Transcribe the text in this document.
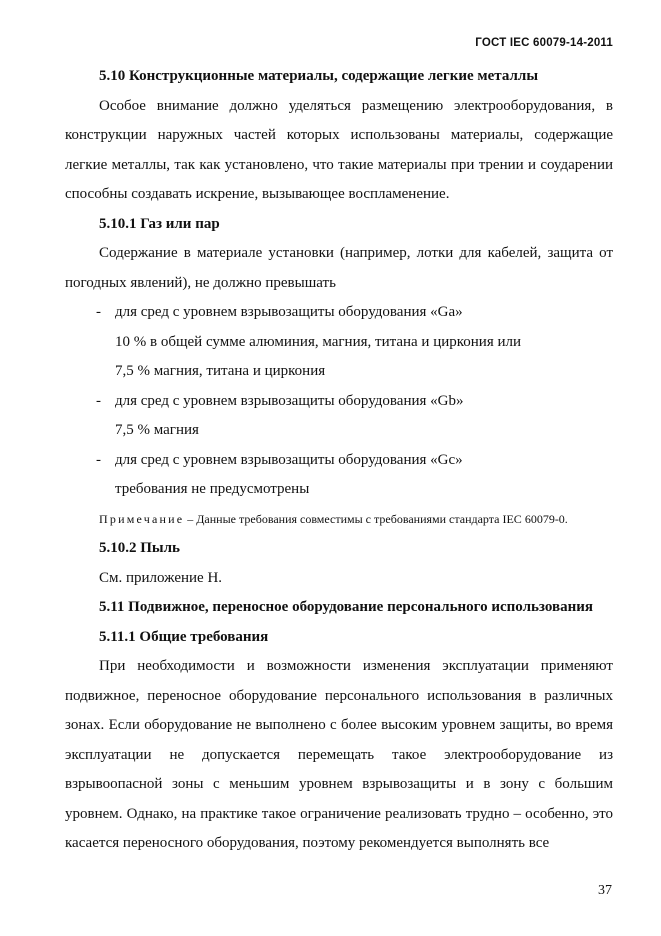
ГОСТ IEC 60079-14-2011

5.10 Конструкционные материалы, содержащие легкие металлы

Особое внимание должно уделяться размещению электрооборудования, в конструкции наружных частей которых использованы материалы, содержащие легкие металлы, так как установлено, что такие материалы при трении и соударении способны создавать искрение, вызывающее воспламенение.

5.10.1 Газ или пар

Содержание в материале установки (например, лотки для кабелей, защита от погодных явлений), не должно превышать

- для сред с уровнем взрывозащиты оборудования «Ga»

10 % в общей сумме алюминия, магния, титана и циркония или

7,5 % магния, титана и циркония

- для сред с уровнем взрывозащиты оборудования «Gb»

7,5 % магния

- для сред с уровнем взрывозащиты оборудования «Gc»

требования не предусмотрены

Примечание – Данные требования совместимы с требованиями стандарта IEC 60079-0.

5.10.2 Пыль

См. приложение H.

5.11 Подвижное, переносное оборудование персонального использования

5.11.1 Общие требования

При необходимости и возможности изменения эксплуатации применяют подвижное, переносное оборудование персонального использования в различных зонах. Если оборудование не выполнено с более высоким уровнем защиты, во время эксплуатации не допускается перемещать такое электрооборудование из взрывоопасной зоны с меньшим уровнем взрывозащиты и в зону с большим уровнем. Однако, на практике такое ограничение реализовать трудно – особенно, это касается переносного оборудования, поэтому рекомендуется выполнять все

37
